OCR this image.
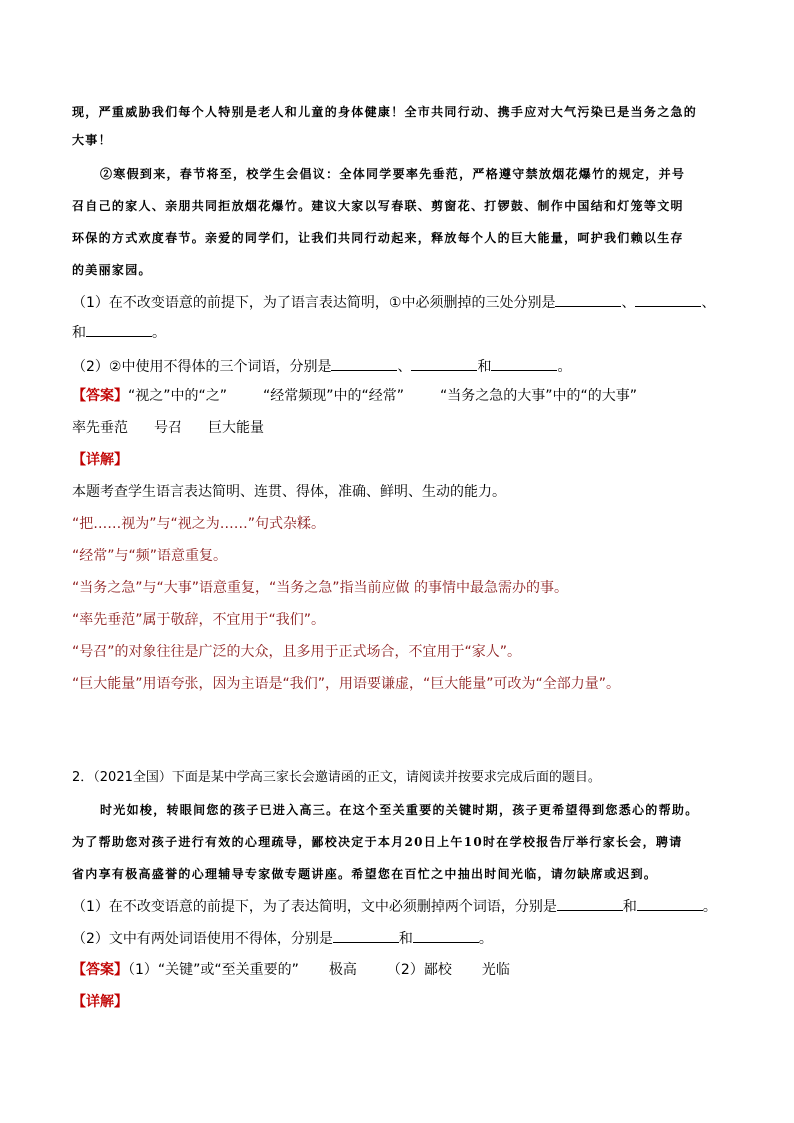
现，严重威胁我们每个人特别是老人和儿童的身体健康！全市共同行动、携手应对大气污染已是当务之急的
大事！
②寒假到来，春节将至，校学生会倡议：全体同学要率先垂范，严格遵守禁放烟花爆竹的规定，并号
召自己的家人、亲朋共同拒放烟花爆竹。建议大家以写春联、剪窗花、打锣鼓、制作中国结和灯笼等文明
环保的方式欢度春节。亲爱的同学们，让我们共同行动起来，释放每个人的巨大能量，呵护我们赖以生存
的美丽家园。
（1）在不改变语意的前提下，为了语言表达简明，①中必须删掉的三处分别是	、	、
和	。
（2）②中使用不得体的三个词语，分别是	、	和	。
【答案】“视之”中的“之”	“经常频现”中的“经常”	“当务之急的大事”中的“的大事”
率先垂范 号召 巨大能量
【详解】
本题考查学生语言表达简明、连贯、得体，准确、鲜明、生动的能力。
“把……视为”与“视之为……”句式杂糅。
“经常”与“频”语意重复。
“当务之急”与“大事”语意重复，“当务之急”指当前应做 的事情中最急需办的事。
“率先垂范”属于敬辞，不宜用于“我们”。
“号召”的对象往往是广泛的大众，且多用于正式场合，不宜用于“家人”。
“巨大能量”用语夸张，因为主语是“我们”，用语要谦虚，“巨大能量”可改为“全部力量”。
2．（2021全国）下面是某中学高三家长会邀请函的正文，请阅读并按要求完成后面的题目。
时光如梭，转眼间您的孩子已进入高三。在这个至关重要的关键时期，孩子更希望得到您悉心的帮助。
为了帮助您对孩子进行有效的心理疏导，鄙校决定于本月20日上午10时在学校报告厅举行家长会，聘请
省内享有极高盛誉的心理辅导专家做专题讲座。希望您在百忙之中抽出时间光临，请勿缺席或迟到。
（1）在不改变语意的前提下，为了表达简明，文中必须删掉两个词语，分别是	和	。
（2）文中有两处词语使用不得体，分别是	和	。
【答案】（1）“关键”或“至关重要的” 极高 （2）鄙校 光临
【详解】
